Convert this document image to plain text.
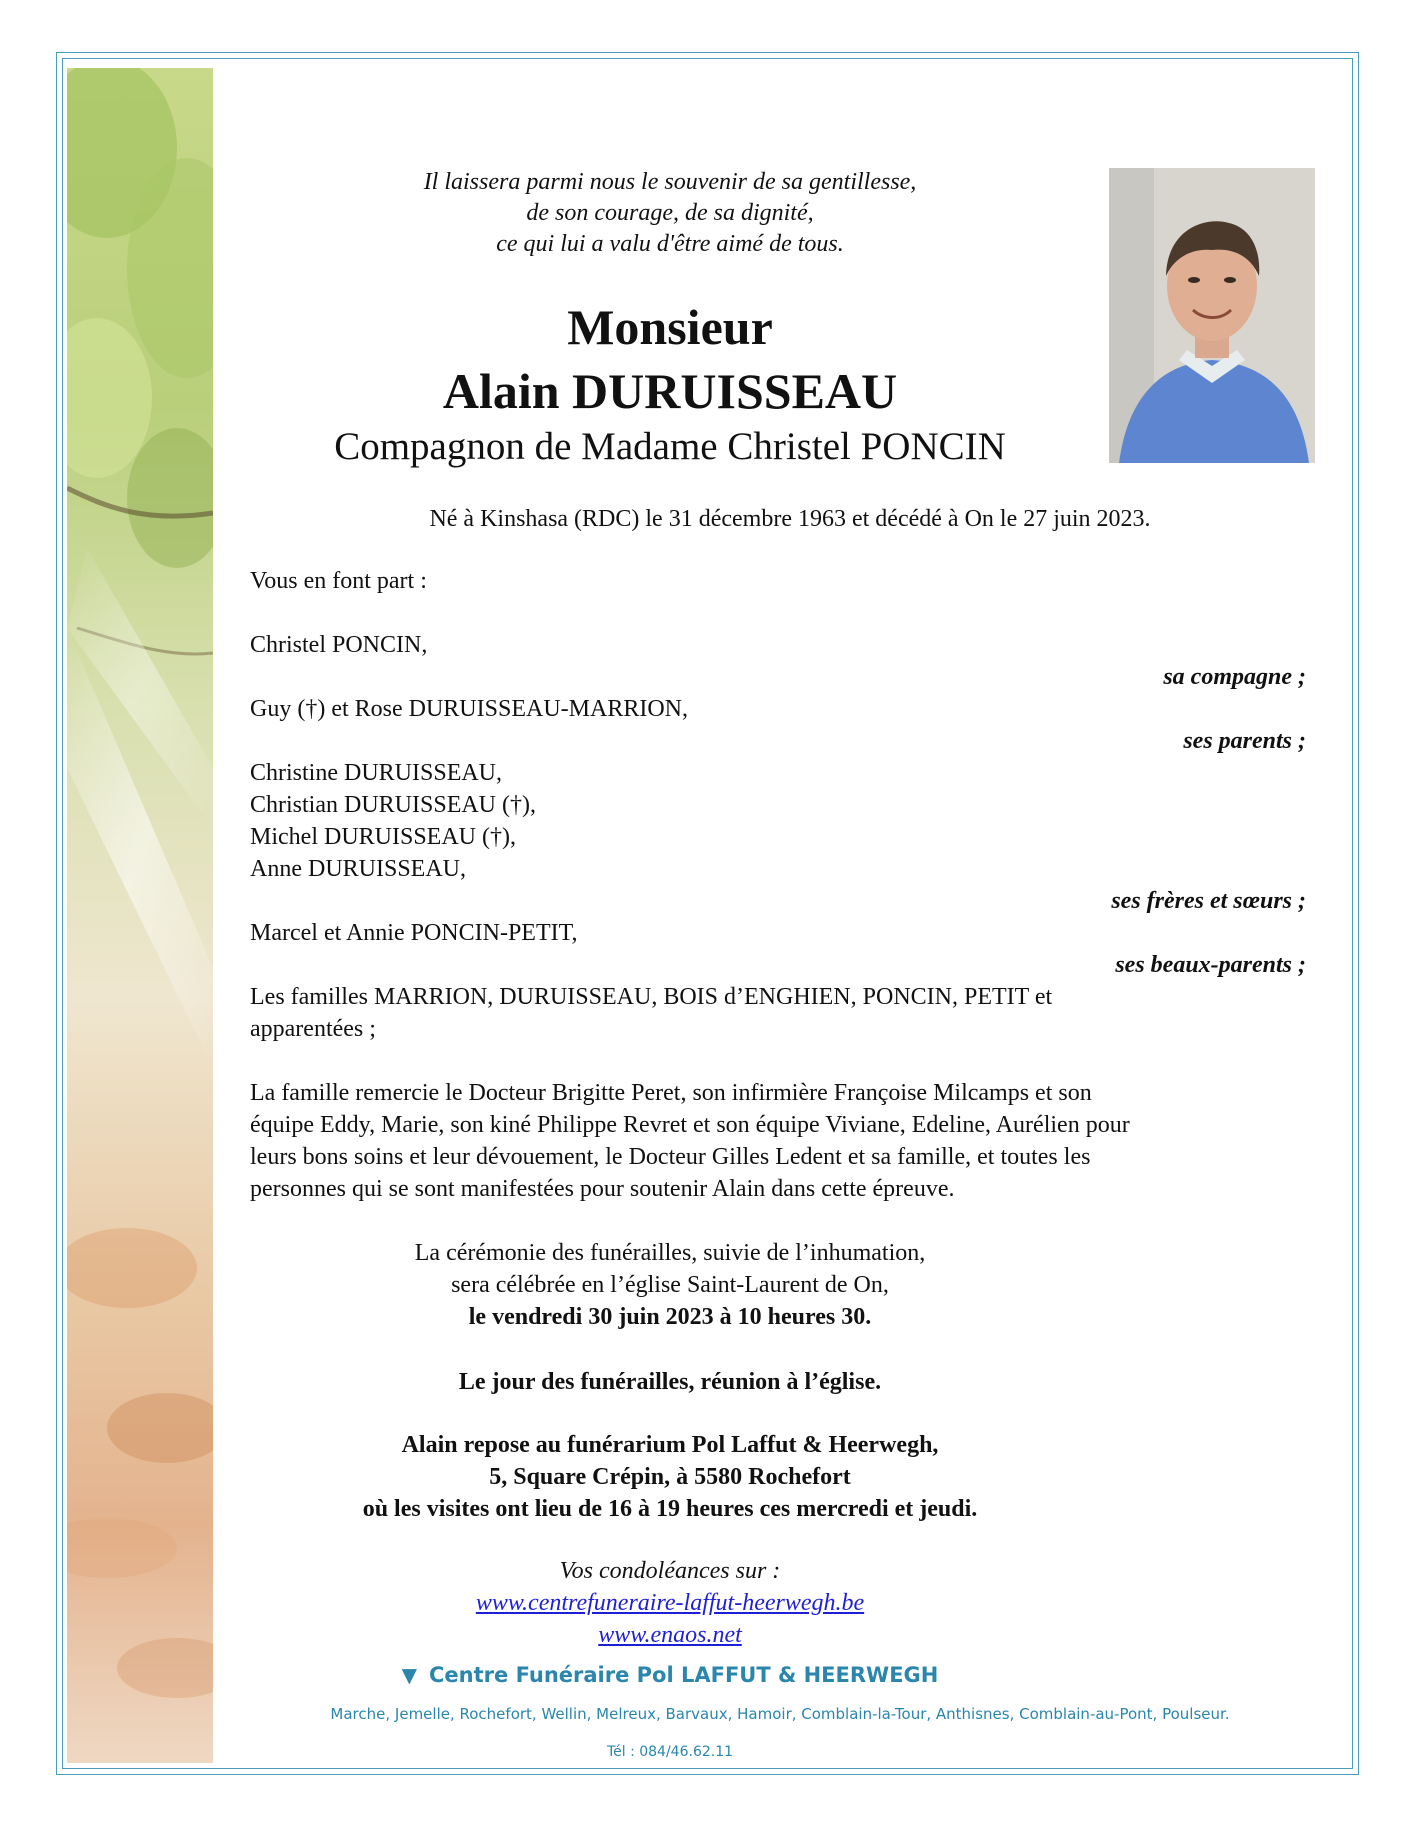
Il laissera parmi nous le souvenir de sa gentillesse,
de son courage, de sa dignité,
ce qui lui a valu d'être aimé de tous.
Monsieur
Alain DURUISSEAU
Compagnon de Madame Christel PONCIN
Né à Kinshasa (RDC) le 31 décembre 1963 et décédé à On le 27 juin 2023.
Vous en font part :
Christel PONCIN,
sa compagne ;
Guy (†) et Rose DURUISSEAU-MARRION,
ses parents ;
Christine DURUISSEAU,
Christian DURUISSEAU (†),
Michel DURUISSEAU (†),
Anne DURUISSEAU,
ses frères et sœurs ;
Marcel et Annie PONCIN-PETIT,
ses beaux-parents ;
Les familles MARRION, DURUISSEAU, BOIS d’ENGHIEN, PONCIN, PETIT et
apparentées ;
La famille remercie le Docteur Brigitte Peret, son infirmière Françoise Milcamps et son
équipe Eddy, Marie, son kiné Philippe Revret et son équipe Viviane, Edeline, Aurélien pour
leurs bons soins et leur dévouement, le Docteur Gilles Ledent et sa famille, et toutes les
personnes qui se sont manifestées pour soutenir Alain dans cette épreuve.
La cérémonie des funérailles, suivie de l’inhumation,
sera célébrée en l’église Saint-Laurent de On,
le vendredi 30 juin 2023 à 10 heures 30.
Le jour des funérailles, réunion à l’église.
Alain repose au funérarium Pol Laffut & Heerwegh,
5, Square Crépin, à 5580 Rochefort
où les visites ont lieu de 16 à 19 heures ces mercredi et jeudi.
Vos condoléances sur :
www.centrefuneraire-laffut-heerwegh.be
www.enaos.net
▼ Centre Funéraire Pol LAFFUT & HEERWEGH
Marche, Jemelle, Rochefort, Wellin, Melreux, Barvaux, Hamoir, Comblain-la-Tour, Anthisnes, Comblain-au-Pont, Poulseur.
Tél : 084/46.62.11
